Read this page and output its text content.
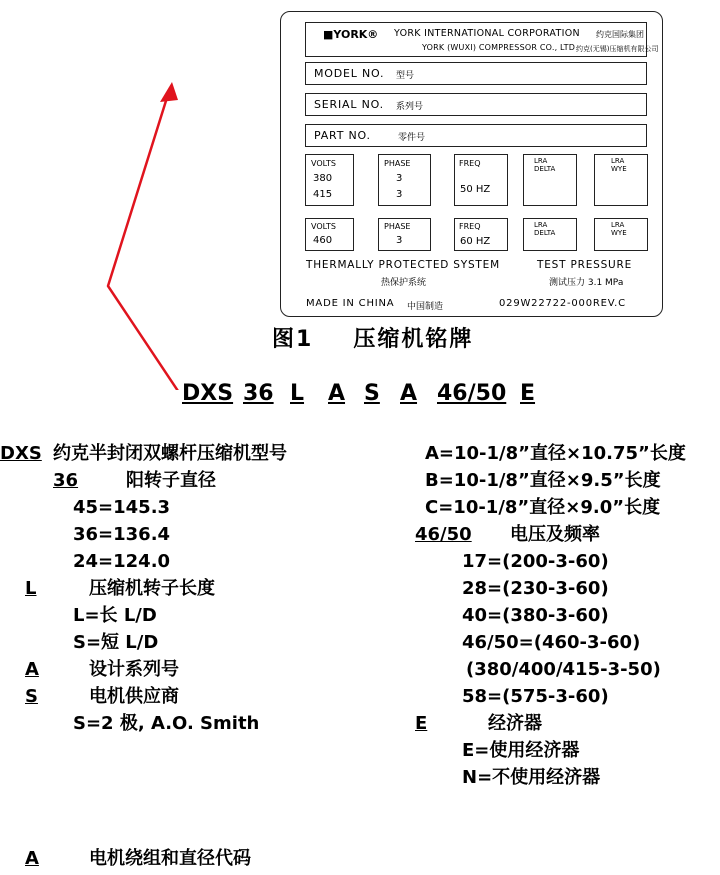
■YORK® YORK INTERNATIONAL CORPORATION 约克国际集团
YORK (WUXI) COMPRESSOR CO., LTD 约克(无锡)压缩机有限公司
MODEL NO. 型号
SERIAL NO. 系列号
PART NO.	零件号
VOLTS
380
415
PHASE
3
3
FREQ
50 HZ
LRA
DELTA
LRA
WYE
VOLTS
460
PHASE
3
FREQ
60 HZ
LRA
DELTA
LRA
WYE
THERMALLY PROTECTED SYSTEM
热保护系统
TEST PRESSURE
测试压力 3.1 MPa
MADE IN CHINA 中国制造	029W22722-000REV.C
图1 压缩机铭牌
DXS 36 L A S A 46/50 E
DXS 约克半封闭双螺杆压缩机型号
36	阳转子直径
45=145.3
36=136.4
24=124.0
L	压缩机转子长度
L=长 L/D
S=短 L/D
A	设计系列号
S	电机供应商
S=2 极, A.O. Smith
A=10-1/8”直径×10.75”长度
B=10-1/8”直径×9.5”长度
C=10-1/8”直径×9.0”长度
46/50 电压及频率
17=(200-3-60)
28=(230-3-60)
40=(380-3-60)
46/50=(460-3-60)
(380/400/415-3-50)
58=(575-3-60)
E	经济器
E=使用经济器
N=不使用经济器
A	电机绕组和直径代码
